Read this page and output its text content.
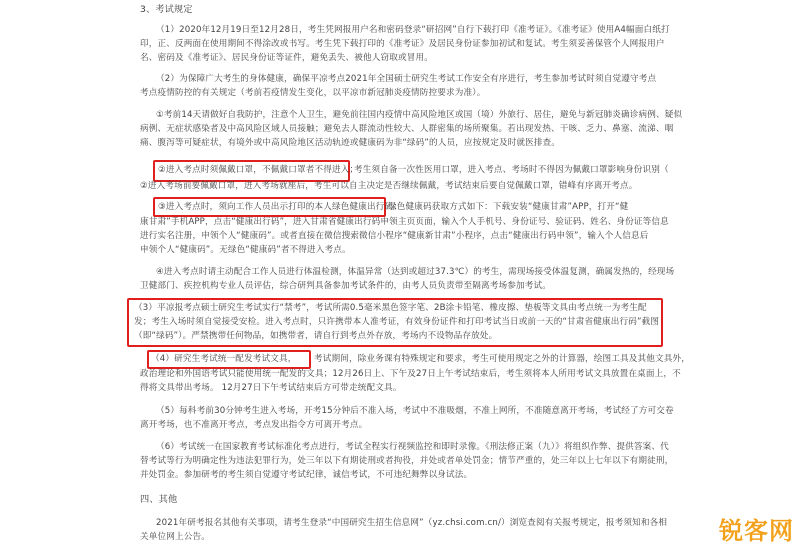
3、考试规定
（1）2020年12月19日至12月28日，考生凭网报用户名和密码登录“研招网”自行下载打印《准考证》。《准考证》使用A4幅面白纸打
印，正、反两面在使用期间不得涂改或书写。考生凭下载打印的《准考证》及居民身份证参加初试和复试。考生须妥善保管个人网报用户
名、密码及《准考证》、居民身份证等证件，避免丢失、被他人窃取或冒用。
（2）为保障广大考生的身体健康，确保平凉考点2021年全国硕士研究生考试工作安全有序进行，考生参加考试时须自觉遵守考点
考点疫情防控的有关规定（考前若疫情发生变化，以平凉市新冠肺炎疫情防控要求为准）。
①考前14天请做好自我防护，注意个人卫生，避免前往国内疫情中高风险地区或国（境）外旅行、居住，避免与新冠肺炎确诊病例、疑似
病例、无症状感染者及中高风险区域人员接触；避免去人群流动性较大、人群密集的场所聚集。若出现发热、干咳、乏力、鼻塞、流涕、咽
痛、腹泻等可疑症状，有境外或中高风险地区活动轨迹或健康码为非“绿码”的人员，应按规定及时就医排查。
②进入考点时须佩戴口罩，不佩戴口罩者不得进入；
考生须自备一次性医用口罩，进入考点、考场时不得因为佩戴口罩影响身份识别（
②进入考场前要佩戴口罩，进入考场就座后，考生可以自主决定是否继续佩戴，考试结束后要自觉佩戴口罩，错峰有序离开考点。
③进入考点时，须向工作人员出示打印的本人绿色健康出行码；
绿色健康码获取方式如下：下载安装“健康甘肃”APP，打开“健
康甘肃”手机APP，点击“健康出行码”，进入甘肃省健康出行码申领主页页面，输入个人手机号、身份证号、验证码、姓名、身份证等信息
进行实名注册，申领个人“健康码”。或者直接在微信搜索微信小程序“健康新甘肃”小程序，点击“健康出行码申领”，输入个人信息后
申领个人“健康码”。无绿色“健康码”者不得进入考点。
④进入考点时请主动配合工作人员进行体温检测，体温异常（达到或超过37.3℃）的考生，需现场接受体温复测，确属发热的，经现场
卫健部门、疾控机构专业人员评估，综合研判具备参加考试条件的，由考人员负责带至隔离考场参加考试。
（3）平凉报考点硕士研究生考试实行“禁考”，考试所需0.5毫米黑色签字笔、2B涂卡铅笔、橡皮擦、垫板等文具由考点统一为考生配
发；考生入场时须自觉接受安检。进入考点时，只许携带本人准考证，有效身份证件和打印考试当日或前一天的“甘肃省健康出行码”截图
（即“绿码”）。严禁携带任何物品，如携带者，请自行到考点外存放，考场内不设物品存放处。
（4）研究生考试统一配发考试文具，	考试期间，除业务课有特殊规定和要求，考生可使用规定之外的计算器，绘图工具及其他文具外，
政治理论和外国语考试只能使用统一配发的文具；12月26日上、下午及27日上午考试结束后，考生须将本人所用考试文具放置在桌面上，不
得将文具带出考场。 12月27日下午考试结束后方可带走统配文具。
（5）每科考前30分钟考生进入考场，开考15分钟后不准入场，考试中不准吸烟，不准上网所，不准随意离开考场，考试经了方可交卷
离开考场，也不准离开考点，考点发出指令方可离开考点。
（6）考试统一在国家教育考试标准化考点进行，考试全程实行视频监控和即时录像。《刑法修正案（九）》将组织作弊、提供答案、代
替考试等行为明确定性为违法犯罪行为，处三年以下有期徒刑或者拘役，并处或者单处罚金；情节严重的，处三年以上七年以下有期徒刑，
并处罚金。参加研考的考生须自觉遵守考试纪律，诚信考试，不可违纪舞弊以身试法。
四、其他
2021年研考报名其他有关事项，请考生登录“中国研究生招生信息网”（yz.chsi.com.cn/）浏览查阅有关报考规定，报考须知和各相
关单位网上公告。	锐客网
